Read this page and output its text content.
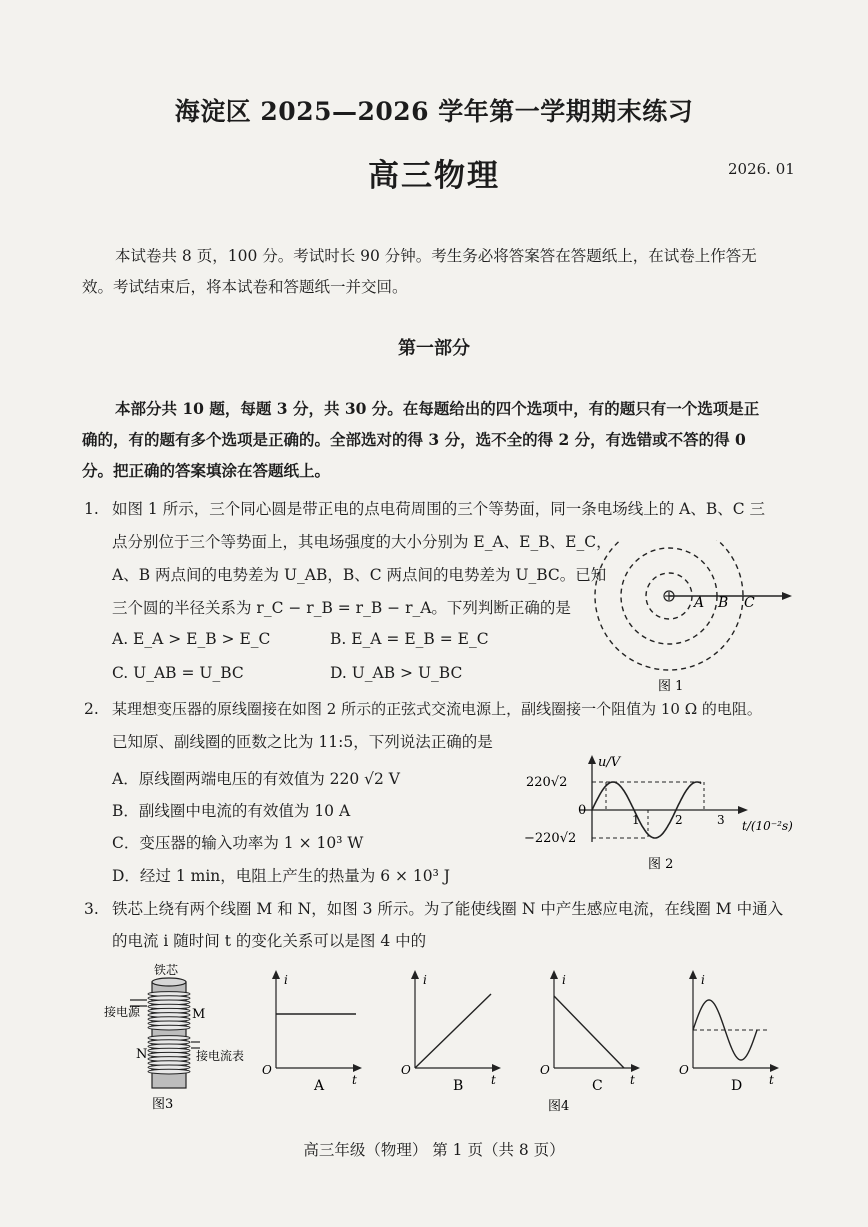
海淀区 2025—2026 学年第一学期期末练习
高三物理	2026. 01
本试卷共 8 页，100 分。考试时长 90 分钟。考生务必将答案答在答题纸上，在试卷上作答无
效。考试结束后，将本试卷和答题纸一并交回。
第一部分
本部分共 10 题，每题 3 分，共 30 分。在每题给出的四个选项中，有的题只有一个选项是正
确的，有的题有多个选项是正确的。全部选对的得 3 分，选不全的得 2 分，有选错或不答的得 0
分。把正确的答案填涂在答题纸上。
1. 如图 1 所示，三个同心圆是带正电的点电荷周围的三个等势面，同一条电场线上的 A、B、C 三
点分别位于三个等势面上，其电场强度的大小分别为 E_A、E_B、E_C，
A、B 两点间的电势差为 U_AB，B、C 两点间的电势差为 U_BC。已知
三个圆的半径关系为 r_C − r_B = r_B − r_A。下列判断正确的是
A. E_A > E_B > E_C	B. E_A = E_B = E_C
C. U_AB = U_BC	D. U_AB > U_BC
A B C
图 1
2. 某理想变压器的原线圈接在如图 2 所示的正弦式交流电源上，副线圈接一个阻值为 10 Ω 的电阻。
已知原、副线圈的匝数之比为 11:5，下列说法正确的是
A．原线圈两端电压的有效值为 220 √2 V
B．副线圈中电流的有效值为 10 A
C．变压器的输入功率为 1 × 10³ W
D．经过 1 min，电阻上产生的热量为 6 × 10³ J
u/V
t/(10⁻²s)
220√2
−220√2
0
1	2	3
图 2
3. 铁芯上绕有两个线圈 M 和 N，如图 3 所示。为了能使线圈 N 中产生感应电流，在线圈 M 中通入
的电流 i 随时间 t 的变化关系可以是图 4 中的
铁芯
接电源	M
N	接电流表
图3
i
t
O
A
i
t
O
B
i
t
O
C
i
t
O
D
图4
高三年级（物理） 第 1 页（共 8 页）
